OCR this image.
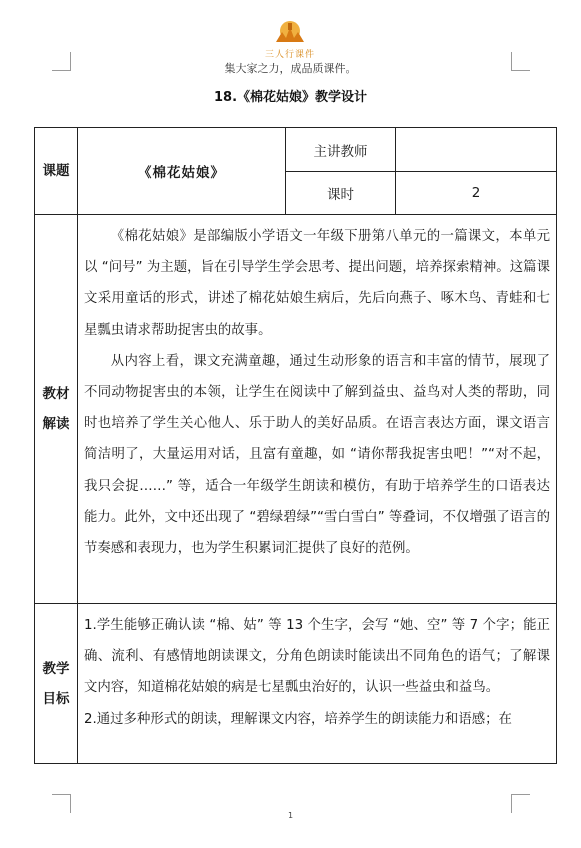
三人行课件
集大家之力，成品质课件。
18.《棉花姑娘》教学设计
课题	《棉花姑娘》	主讲教师	
		课时	2

教材解读	《棉花姑娘》是部编版小学语文一年级下册第八单元的一篇课文，本单元以 “问号” 为主题，旨在引导学生学会思考、提出问题，培养探索精神。这篇课文采用童话的形式，讲述了棉花姑娘生病后，先后向燕子、啄木鸟、青蛙和七星瓢虫请求帮助捉害虫的故事。

从内容上看，课文充满童趣，通过生动形象的语言和丰富的情节，展现了不同动物捉害虫的本领，让学生在阅读中了解到益虫、益鸟对人类的帮助，同时也培养了学生关心他人、乐于助人的美好品质。在语言表达方面，课文语言简洁明了，大量运用对话，且富有童趣，如 “请你帮我捉害虫吧！”“对不起，我只会捉……” 等，适合一年级学生朗读和模仿，有助于培养学生的口语表达能力。此外，文中还出现了 “碧绿碧绿”“雪白雪白” 等叠词，不仅增强了语言的节奏感和表现力，也为学生积累词汇提供了良好的范例。		

教学目标	1.学生能够正确认读 “棉、姑” 等 13 个生字，会写 “她、空” 等 7 个字；能正确、流利、有感情地朗读课文，分角色朗读时能读出不同角色的语气；了解课文内容，知道棉花姑娘的病是七星瓢虫治好的，认识一些益虫和益鸟。

2.通过多种形式的朗读，理解课文内容，培养学生的朗读能力和语感；在		

1
